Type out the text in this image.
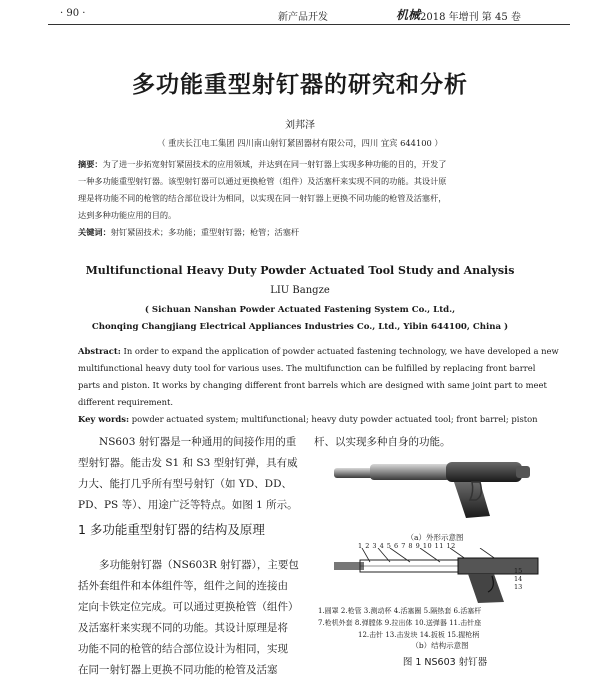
· 90 ·	新产品开发	机械 2018 年增刊 第 45 卷
多功能重型射钉器的研究和分析
刘邦泽
（ 重庆长江电工集团 四川南山射钉紧固器材有限公司，四川 宜宾 644100 ）
摘要：为了进一步拓宽射钉紧固技术的应用领域，并达到在同一射钉器上实现多种功能的目的，开发了
一种多功能重型射钉器。该型射钉器可以通过更换枪管（组件）及活塞杆来实现不同的功能。其设计原
理是将功能不同的枪管的结合部位设计为相同，以实现在同一射钉器上更换不同功能的枪管及活塞杆，
达到多种功能应用的目的。
关键词：射钉紧固技术；多功能；重型射钉器；枪管；活塞杆
Multifunctional Heavy Duty Powder Actuated Tool Study and Analysis
LIU Bangze
( Sichuan Nanshan Powder Actuated Fastening System Co., Ltd.,
Chonqing Changjiang Electrical Appliances Industries Co., Ltd., Yibin 644100, China )
Abstract: In order to expand the application of powder actuated fastening technology, we have developed a new
multifunctional heavy duty tool for various uses. The multifunction can be fulfilled by replacing front barrel
parts and piston. It works by changing different front barrels which are designed with same joint part to meet
different requirement.
Key words: powder actuated system; multifunctional; heavy duty powder actuated tool; front barrel; piston
NS603 射钉器是一种通用的间接作用的重
型射钉器。能击发 S1 和 S3 型射钉弹，具有威
力大、能打几乎所有型号射钉（如 YD、DD、
PD、PS 等）、用途广泛等特点。如图 1 所示。
1 多功能重型射钉器的结构及原理
多功能射钉器（NS603R 射钉器），主要包
括外套组件和本体组件等，组件之间的连接由
定向卡铁定位完成。可以通过更换枪管（组件）
及活塞杆来实现不同的功能。其设计原理是将
功能不同的枪管的结合部位设计为相同，实现
在同一射钉器上更换不同功能的枪管及活塞
杆、以实现多种自身的功能。
（a）外形示意图
1 2 3 4 5 6 7 8 9 10 11 12
15
14
13
1.圆罩 2.枪管 3.测动杯 4.活塞圈 5.隔热套 6.活塞杆
7.枪机外套 8.弹膛体 9.拉出体 10.送弹器 11.击针座
12.击针 13.击发块 14.扳板 15.握枪柄
（b）结构示意图
图 1 NS603 射钉器
